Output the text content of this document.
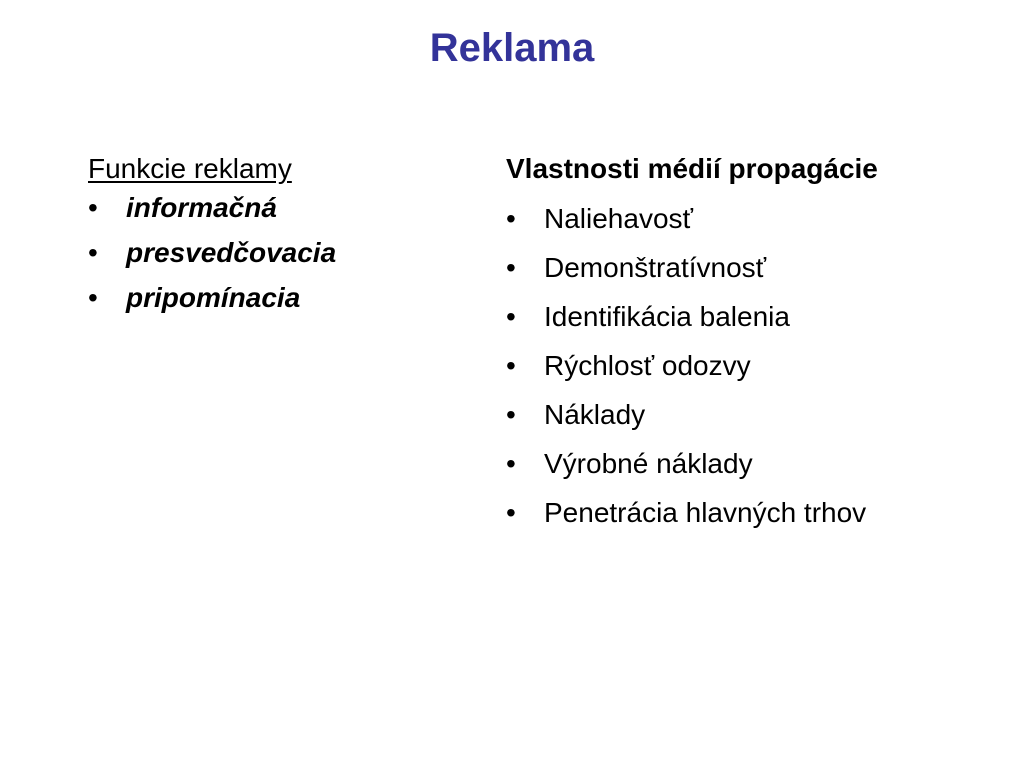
Reklama

Funkcie reklamy

•	informačná
•	presvedčovacia
•	pripomínacia

Vlastnosti médií propagácie

•	Naliehavosť
•	Demonštratívnosť
•	Identifikácia balenia
•	Rýchlosť odozvy
•	Náklady
•	Výrobné náklady
•	Penetrácia hlavných trhov
